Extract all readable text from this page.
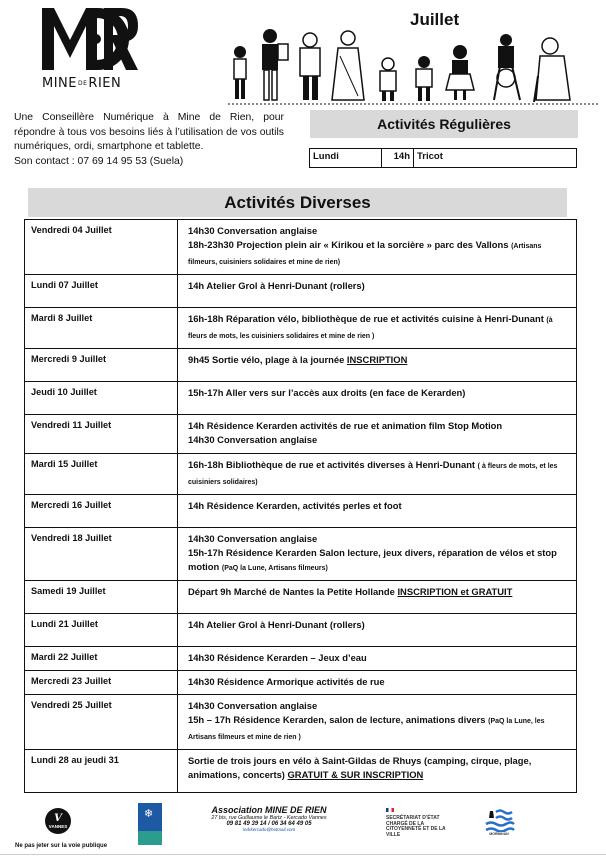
MINEDERIEN
Juillet

Une Conseillère Numérique à Mine de Rien, pour répondre à tous vos besoins liés à l’utilisation de vos outils numériques, ordi, smartphone et tablette.

Son contact : 07 69 14 95 53 (Suela)

Activités Régulières
Lundi	14h	Tricot
Activités Diverses
Vendredi 04 Juillet	14h30 Conversation anglaise
18h-23h30 Projection plein air « Kirikou et la sorcière » parc des Vallons (Artisans filmeurs, cuisiniers solidaires et mine de rien)
Lundi 07 Juillet	14h Atelier Grol à Henri-Dunant (rollers)
Mardi 8 Juillet	16h-18h Réparation vélo, bibliothèque de rue et activités cuisine à Henri-Dunant (à fleurs de mots, les cuisiniers solidaires et mine de rien )
Mercredi 9 Juillet	9h45 Sortie vélo, plage à la journée INSCRIPTION
Jeudi 10 Juillet	15h-17h Aller vers sur l’accès aux droits (en face de Kerarden)
Vendredi 11 Juillet	14h Résidence Kerarden activités de rue et animation film Stop Motion
14h30 Conversation anglaise
Mardi 15 Juillet	16h-18h Bibliothèque de rue et activités diverses à Henri-Dunant ( à fleurs de mots, et les cuisiniers solidaires)
Mercredi 16 Juillet	14h Résidence Kerarden, activités perles et foot
Vendredi 18 Juillet	14h30 Conversation anglaise
15h-17h Résidence Kerarden Salon lecture, jeux divers, réparation de vélos et stop motion (PaQ la Lune, Artisans filmeurs)
Samedi 19 Juillet	Départ 9h Marché de Nantes la Petite Hollande INSCRIPTION et GRATUIT
Lundi 21 Juillet	14h Atelier Grol à Henri-Dunant (rollers)
Mardi 22 Juillet	14h30 Résidence Kerarden – Jeux d’eau
Mercredi 23 Juillet	14h30 Résidence Armorique activités de rue
Vendredi 25 Juillet	14h30 Conversation anglaise
15h – 17h Résidence Kerarden, salon de lecture, animations divers (PaQ la Lune, les Artisans filmeurs et mine de rien )
Lundi 28 au jeudi 31	Sortie de trois jours en vélo à Saint-Gildas de Rhuys (camping, cirque, plage, animations, concerts) GRATUIT & SUR INSCRIPTION
V
VANNES
Ne pas jeter sur la voie publique
❄	Association MINE DE RIEN
27 bis, rue Guillaume le Bartz - Kercado Vannes
09 81 49 39 14 / 06 34 64 49 05
mdrkercado@hotmail.com

SECRÉTARIAT D’ÉTAT CHARGÉ DE LA CITOYENNETÉ ET DE LA VILLE	MORBIHAN
